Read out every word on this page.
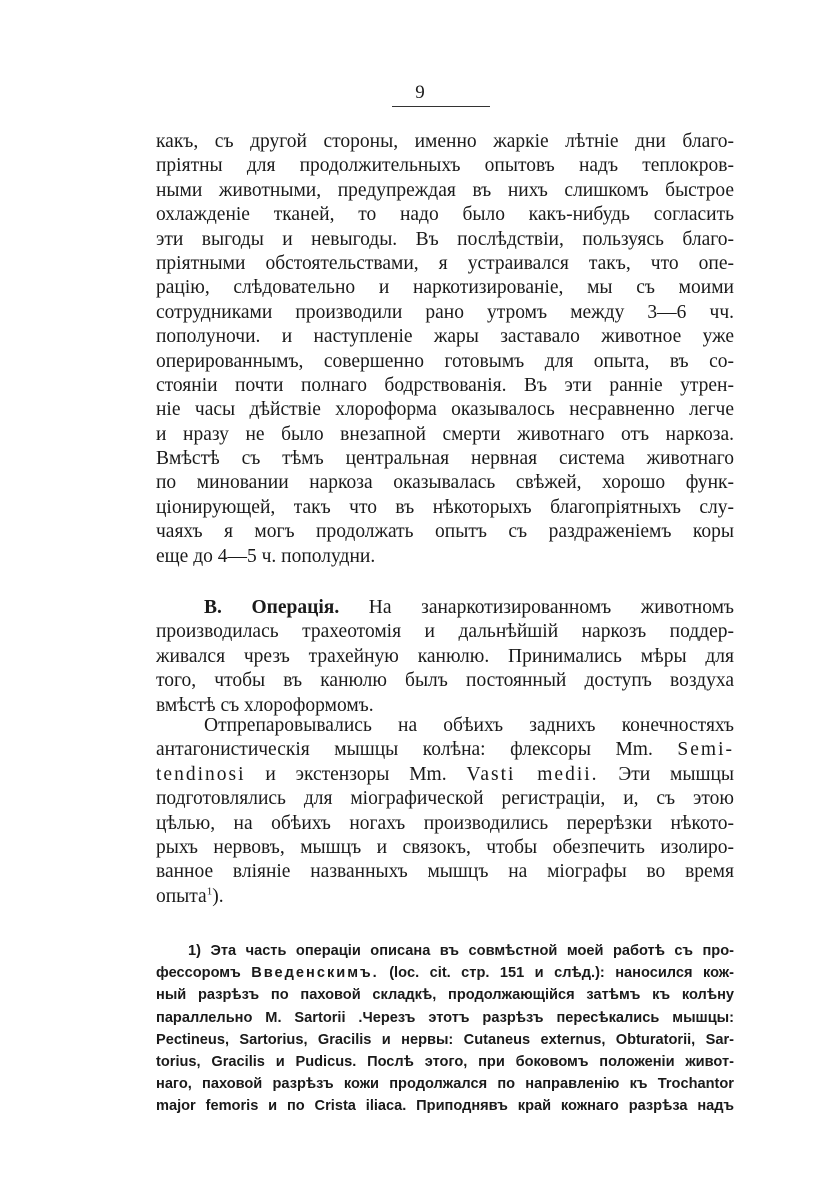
9
какъ, съ другой стороны, именно жаркіе лѣтніе дни благо-
пріятны для продолжительныхъ опытовъ надъ теплокров-
ными животными, предупреждая въ нихъ слишкомъ быстрое
охлажденіе тканей, то надо было какъ-нибудь согласить
эти выгоды и невыгоды. Въ послѣдствіи, пользуясь благо-
пріятными обстоятельствами, я устраивался такъ, что опе-
рацію, слѣдовательно и наркотизированіе, мы съ моими
сотрудниками производили рано утромъ между 3—6 чч.
пополуночи. и наступленіе жары заставало животное уже
оперированнымъ, совершенно готовымъ для опыта, въ со-
стояніи почти полнаго бодрствованія. Въ эти ранніе утрен-
ніе часы дѣйствіе хлороформа оказывалось несравненно легче
и нразу не было внезапной смерти животнаго отъ наркоза.
Вмѣстѣ съ тѣмъ центральная нервная система животнаго
по миновании наркоза оказывалась свѣжей, хорошо функ-
ціонирующей, такъ что въ нѣкоторыхъ благопріятныхъ слу-
чаяхъ я могъ продолжать опытъ съ раздраженіемъ коры
еще до 4—5 ч. пополудни.
В. Операція. На занаркотизированномъ животномъ
производилась трахеотомія и дальнѣйшій наркозъ поддер-
живался чрезъ трахейную канюлю. Принимались мѣры для
того, чтобы въ канюлю былъ постоянный доступъ воздуха
вмѣстѣ съ хлороформомъ.
Отпрепаровывались на обѣихъ заднихъ конечностяхъ
антагонистическія мышцы колѣна: флексоры Mm. Semi-
tendinosi и экстензоры Mm. Vasti medii. Эти мышцы
подготовлялись для міографической регистраціи, и, съ этою
цѣлью, на обѣихъ ногахъ производились перерѣзки нѣкото-
рыхъ нервовъ, мышцъ и связокъ, чтобы обезпечить изолиро-
ванное вліяніе названныхъ мышцъ на міографы во время
опыта$^1$).
1) Эта часть операціи описана въ совмѣстной моей работѣ съ про-
фессоромъ Введенскимъ. (loc. cit. стр. 151 и слѣд.): наносился кож-
ный разрѣзъ по паховой складкѣ, продолжающійся затѣмъ къ колѣну
параллельно M. Sartorii .Черезъ этотъ разрѣзъ пересѣкались мышцы:
Pectineus, Sartorius, Gracilis и нервы: Cutaneus externus, Obturatorii, Sar-
torius, Gracilis и Pudicus. Послѣ этого, при боковомъ положеніи живот-
наго, паховой разрѣзъ кожи продолжался по направленію къ Trochantor
major femoris и по Crista iliaca. Приподнявъ край кожнаго разрѣза надъ
